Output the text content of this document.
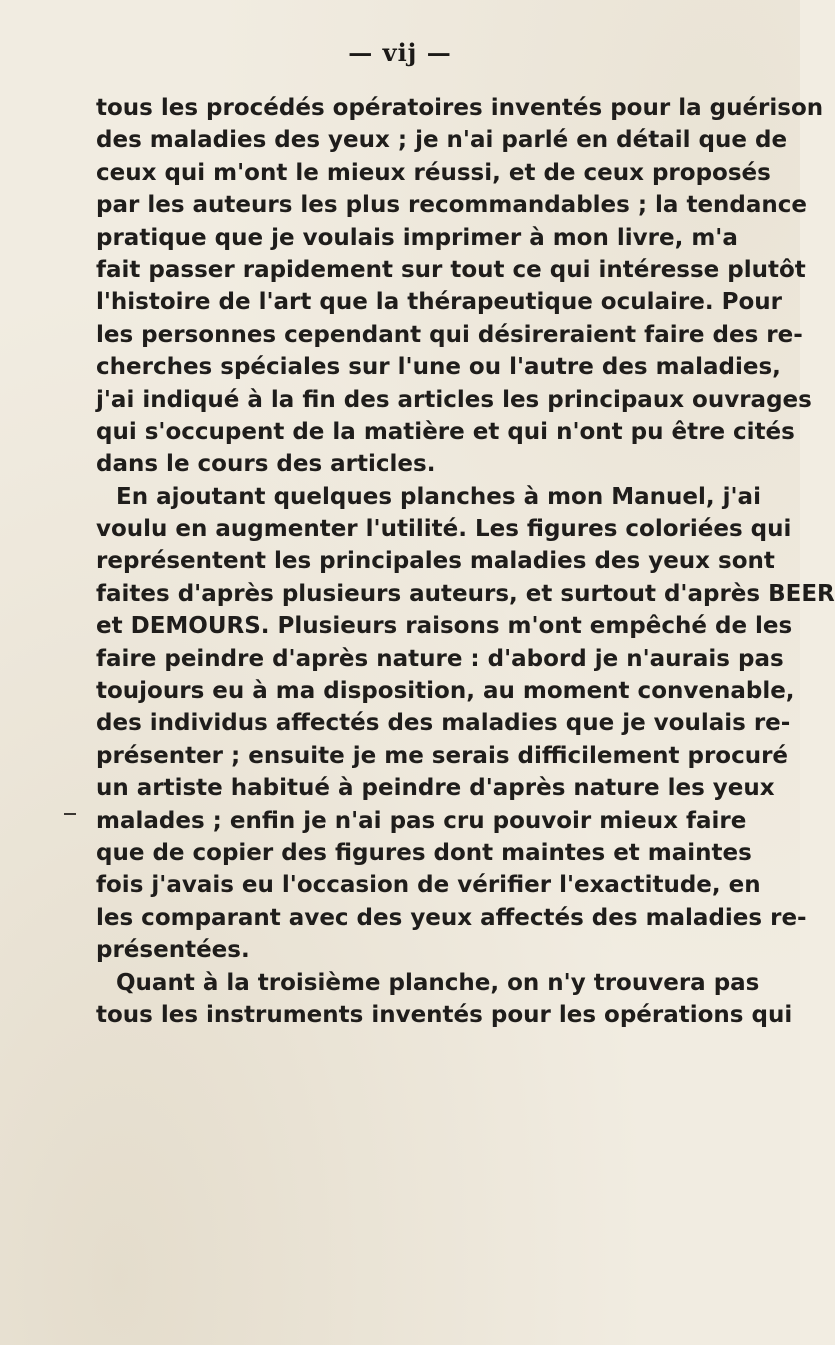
— vij —
tous les procédés opératoires inventés pour la guérison
des maladies des yeux ; je n'ai parlé en détail que de
ceux qui m'ont le mieux réussi, et de ceux proposés
par les auteurs les plus recommandables ; la tendance
pratique que je voulais imprimer à mon livre, m'a
fait passer rapidement sur tout ce qui intéresse plutôt
l'histoire de l'art que la thérapeutique oculaire. Pour
les personnes cependant qui désireraient faire des re-
cherches spéciales sur l'une ou l'autre des maladies,
j'ai indiqué à la fin des articles les principaux ouvrages
qui s'occupent de la matière et qui n'ont pu être cités
dans le cours des articles.
En ajoutant quelques planches à mon Manuel, j'ai
voulu en augmenter l'utilité. Les figures coloriées qui
représentent les principales maladies des yeux sont
faites d'après plusieurs auteurs, et surtout d'après BEER
et DEMOURS. Plusieurs raisons m'ont empêché de les
faire peindre d'après nature : d'abord je n'aurais pas
toujours eu à ma disposition, au moment convenable,
des individus affectés des maladies que je voulais re-
présenter ; ensuite je me serais difficilement procuré
un artiste habitué à peindre d'après nature les yeux
malades ; enfin je n'ai pas cru pouvoir mieux faire
que de copier des figures dont maintes et maintes
fois j'avais eu l'occasion de vérifier l'exactitude, en
les comparant avec des yeux affectés des maladies re-
présentées.
Quant à la troisième planche, on n'y trouvera pas
tous les instruments inventés pour les opérations qui
